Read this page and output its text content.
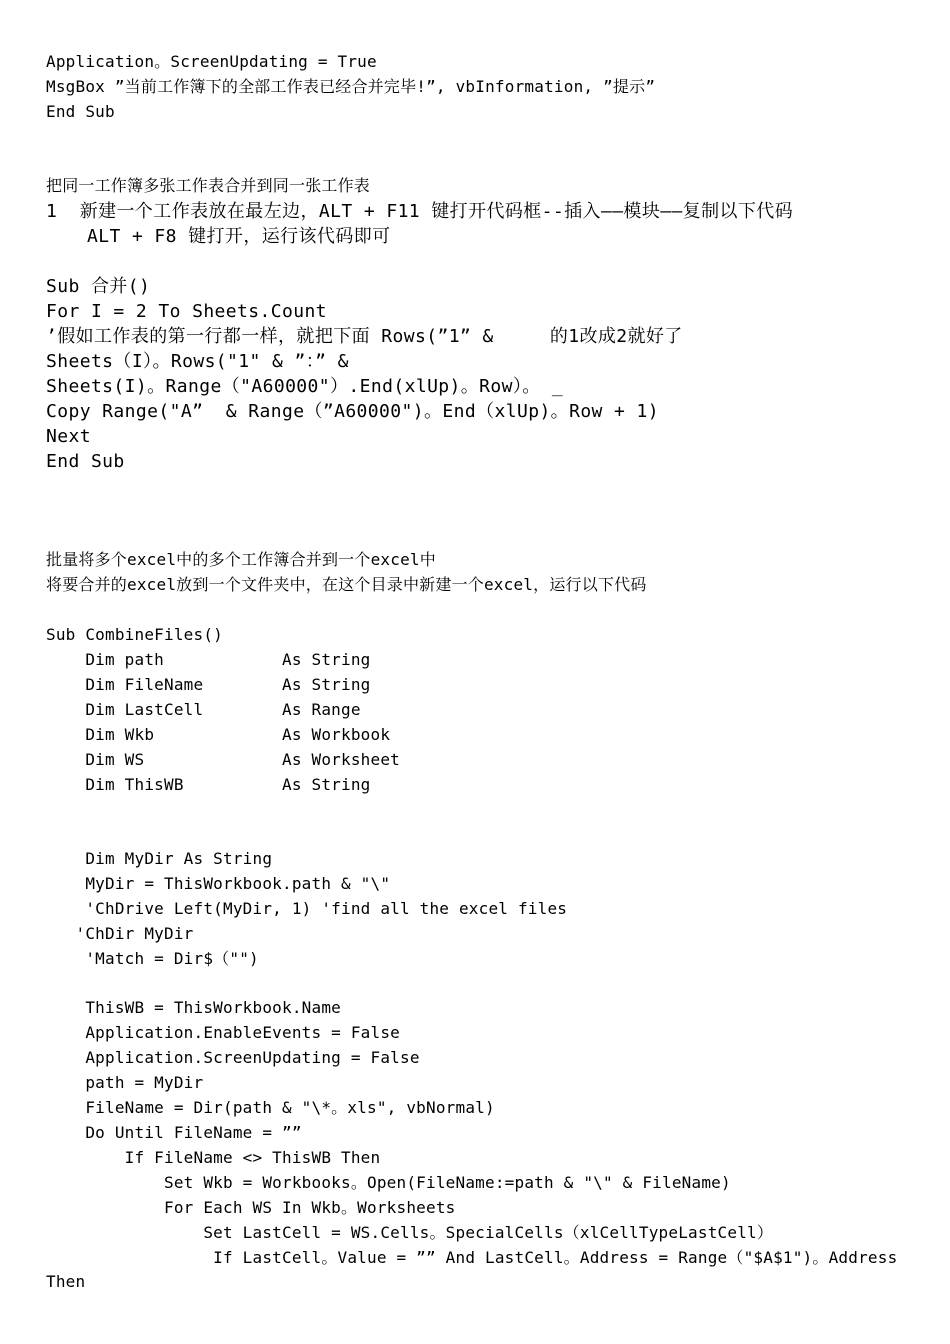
Application。ScreenUpdating = True
MsgBox ”当前工作簿下的全部工作表已经合并完毕!”, vbInformation, ”提示”
End Sub
把同一工作簿多张工作表合并到同一张工作表
1  新建一个工作表放在最左边，ALT + F11 键打开代码框--插入——模块——复制以下代码
ALT + F8 键打开，运行该代码即可
Sub 合并()
For I = 2 To Sheets.Count
’假如工作表的第一行都一样，就把下面 Rows(”1” &     的1改成2就好了
Sheets（I）。Rows("1" & ”：” &
Sheets(I)。Range（"A60000"）.End(xlUp)。Row）。 _
Copy Range("A”  & Range（”A60000")。End（xlUp)。Row + 1)
Next
End Sub
批量将多个excel中的多个工作簿合并到一个excel中
将要合并的excel放到一个文件夹中，在这个目录中新建一个excel，运行以下代码
Sub CombineFiles()
Dim path            As String
Dim FileName        As String
Dim LastCell        As Range
Dim Wkb             As Workbook
Dim WS              As Worksheet
Dim ThisWB          As String
Dim MyDir As String
MyDir = ThisWorkbook.path & "\"
'ChDrive Left(MyDir, 1) 'find all the excel files
'ChDir MyDir
'Match = Dir$（"")
ThisWB = ThisWorkbook.Name
Application.EnableEvents = False
Application.ScreenUpdating = False
path = MyDir
FileName = Dir(path & "\*。xls", vbNormal)
Do Until FileName = ””
If FileName <> ThisWB Then
Set Wkb = Workbooks。Open(FileName:=path & "\" & FileName)
For Each WS In Wkb。Worksheets
Set LastCell = WS.Cells。SpecialCells（xlCellTypeLastCell）
If LastCell。Value = ”” And LastCell。Address = Range（"$A$1")。Address
Then
